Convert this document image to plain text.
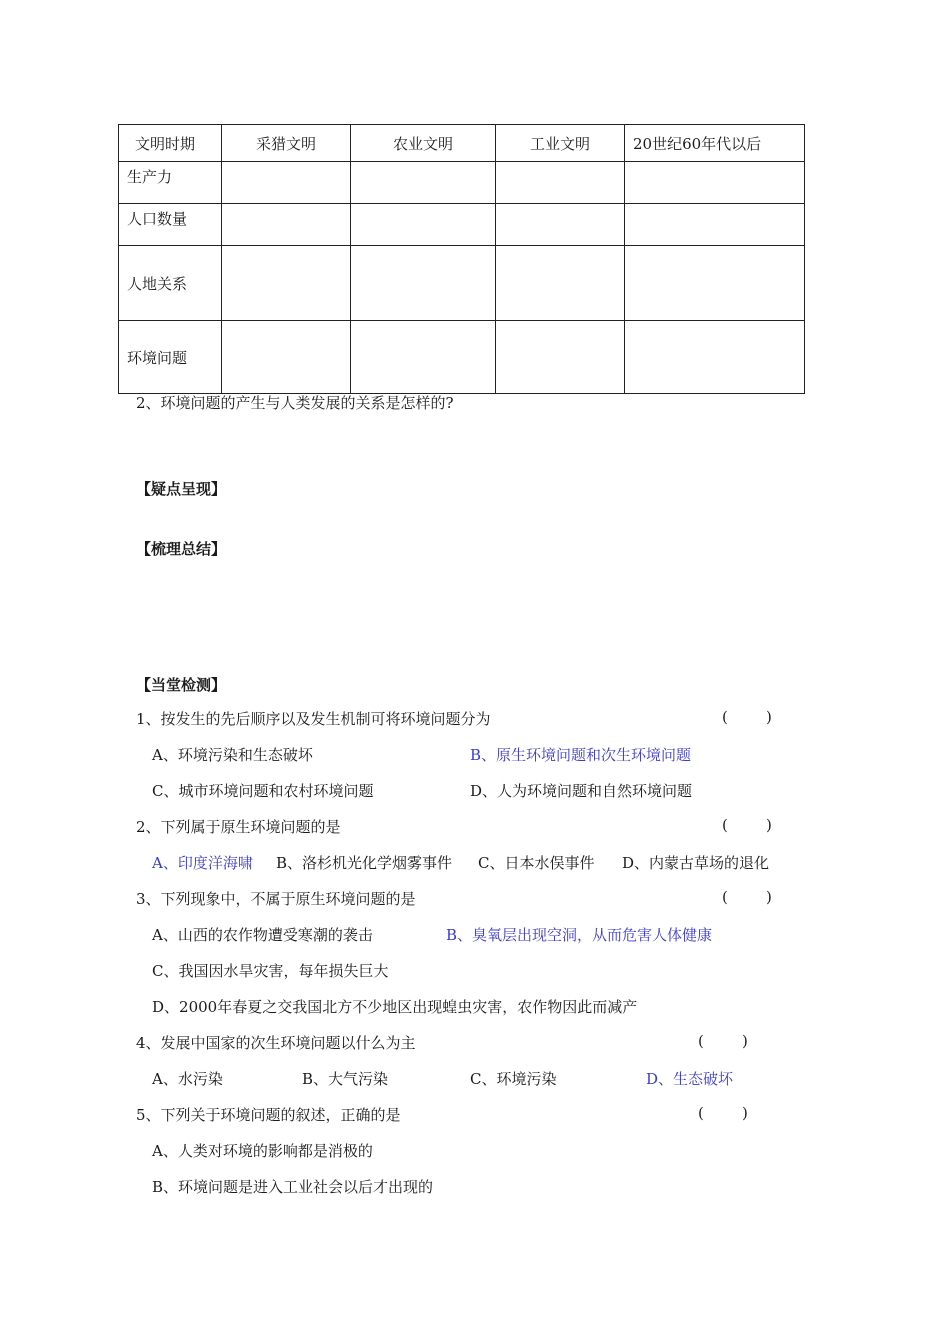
文明时期	采猎文明	农业文明	工业文明	20世纪60年代以后
生产力				
人口数量				
人地关系				
环境问题				
2、环境问题的产生与人类发展的关系是怎样的?
【疑点呈现】
【梳理总结】
【当堂检测】
1、按发生的先后顺序以及发生机制可将环境问题分为	(        )
A、环境污染和生态破坏	B、原生环境问题和次生环境问题
C、城市环境问题和农村环境问题	D、人为环境问题和自然环境问题
2、下列属于原生环境问题的是	(        )
A、印度洋海啸 B、洛杉机光化学烟雾事件 C、日本水俣事件 D、内蒙古草场的退化
3、下列现象中，不属于原生环境问题的是	(        )
A、山西的农作物遭受寒潮的袭击	B、臭氧层出现空洞，从而危害人体健康
C、我国因水旱灾害，每年损失巨大
D、2000年春夏之交我国北方不少地区出现蝗虫灾害，农作物因此而减产
4、发展中国家的次生环境问题以什么为主	(        )
A、水污染	B、大气污染	C、环境污染	D、生态破坏
5、下列关于环境问题的叙述，正确的是	(        )
A、人类对环境的影响都是消极的
B、环境问题是进入工业社会以后才出现的
